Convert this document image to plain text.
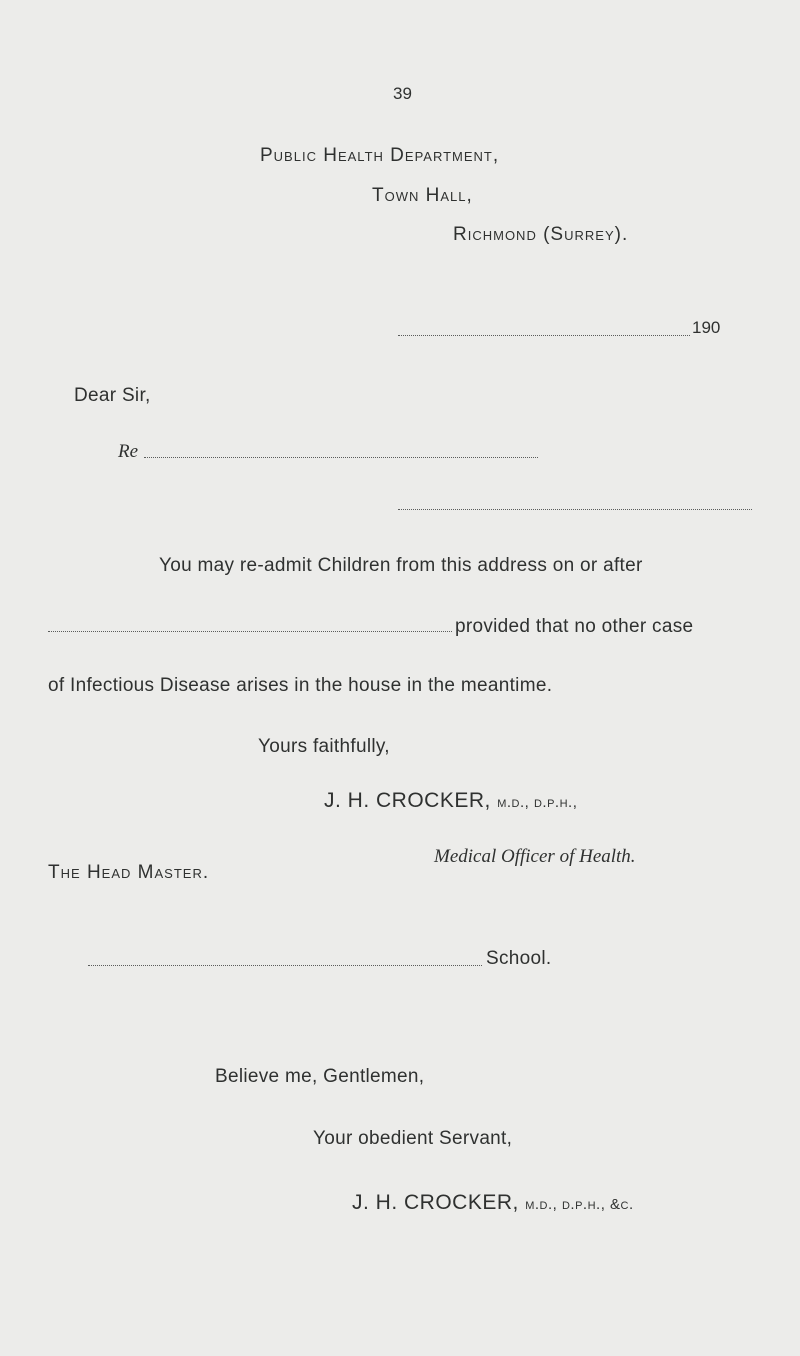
39
Public Health Department,
Town Hall,
Richmond (Surrey).
190
Dear Sir,
Re
You may re-admit Children from this address on or after
provided that no other case
of Infectious Disease arises in the house in the meantime.
Yours faithfully,
J. H. CROCKER, m.d., d.p.h.,
Medical Officer of Health.
The Head Master.
School.
Believe me, Gentlemen,
Your obedient Servant,
J. H. CROCKER, m.d., d.p.h., &c.
